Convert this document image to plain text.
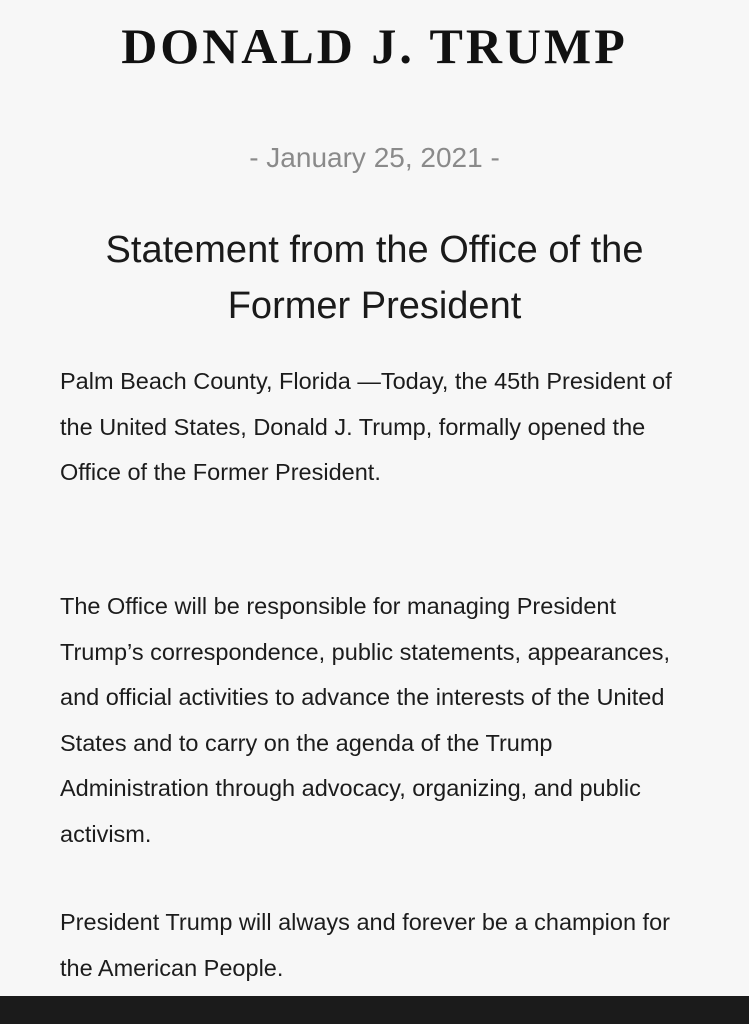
DONALD J. TRUMP
- January 25, 2021 -
Statement from the Office of the Former President

Palm Beach County, Florida —Today, the 45th President of the United States, Donald J. Trump, formally opened the Office of the Former President.

The Office will be responsible for managing President Trump’s correspondence, public statements, appearances, and official activities to advance the interests of the United States and to carry on the agenda of the Trump Administration through advocacy, organizing, and public activism.

President Trump will always and forever be a champion for the American People.
